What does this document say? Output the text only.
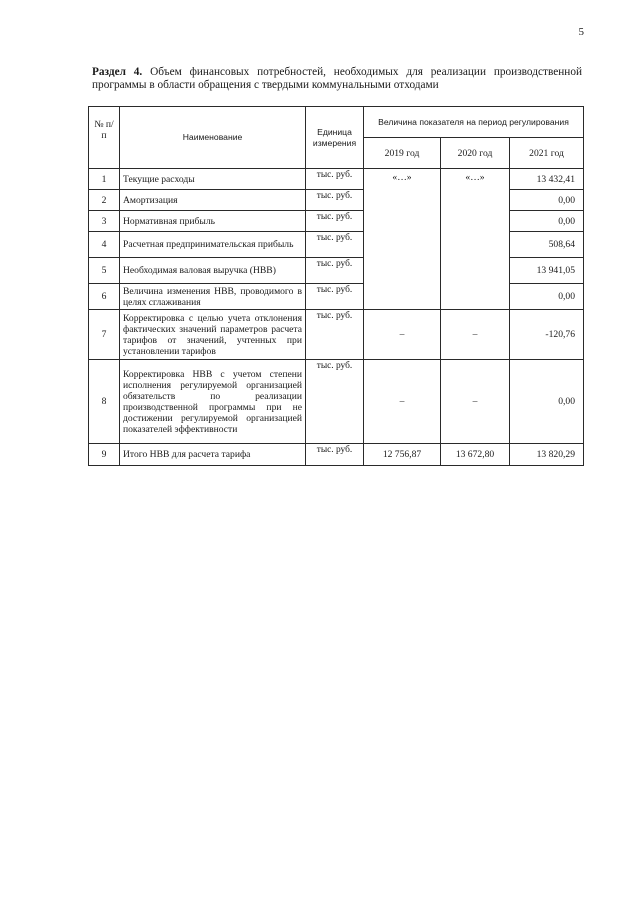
5
Раздел 4. Объем финансовых потребностей, необходимых для реализации производственной программы в области обращения с твердыми коммунальными отходами
№ п/п	Наименование	Единица измерения	Величина показателя на период регулирования		
			2019 год	2020 год	2021 год
1	Текущие расходы	тыс. руб.	«…»	«…»	13 432,41
2	Амортизация	тыс. руб.			0,00
3	Нормативная прибыль	тыс. руб.			0,00
4	Расчетная предпринимательская прибыль	тыс. руб.			508,64
5	Необходимая валовая выручка (НВВ)	тыс. руб.			13 941,05
6	Величина изменения НВВ, проводимого в целях сглаживания	тыс. руб.			0,00
7	Корректировка с целью учета отклонения фактических значений параметров расчета тарифов от значений, учтенных при установлении тарифов	тыс. руб.	–	–	-120,76
8	Корректировка НВВ с учетом степени исполнения регулируемой организацией обязательств по реализации производственной программы при не достижении регулируемой организацией показателей эффективности	тыс. руб.	–	–	0,00
9	Итого НВВ для расчета тарифа	тыс. руб.	12 756,87	13 672,80	13 820,29
